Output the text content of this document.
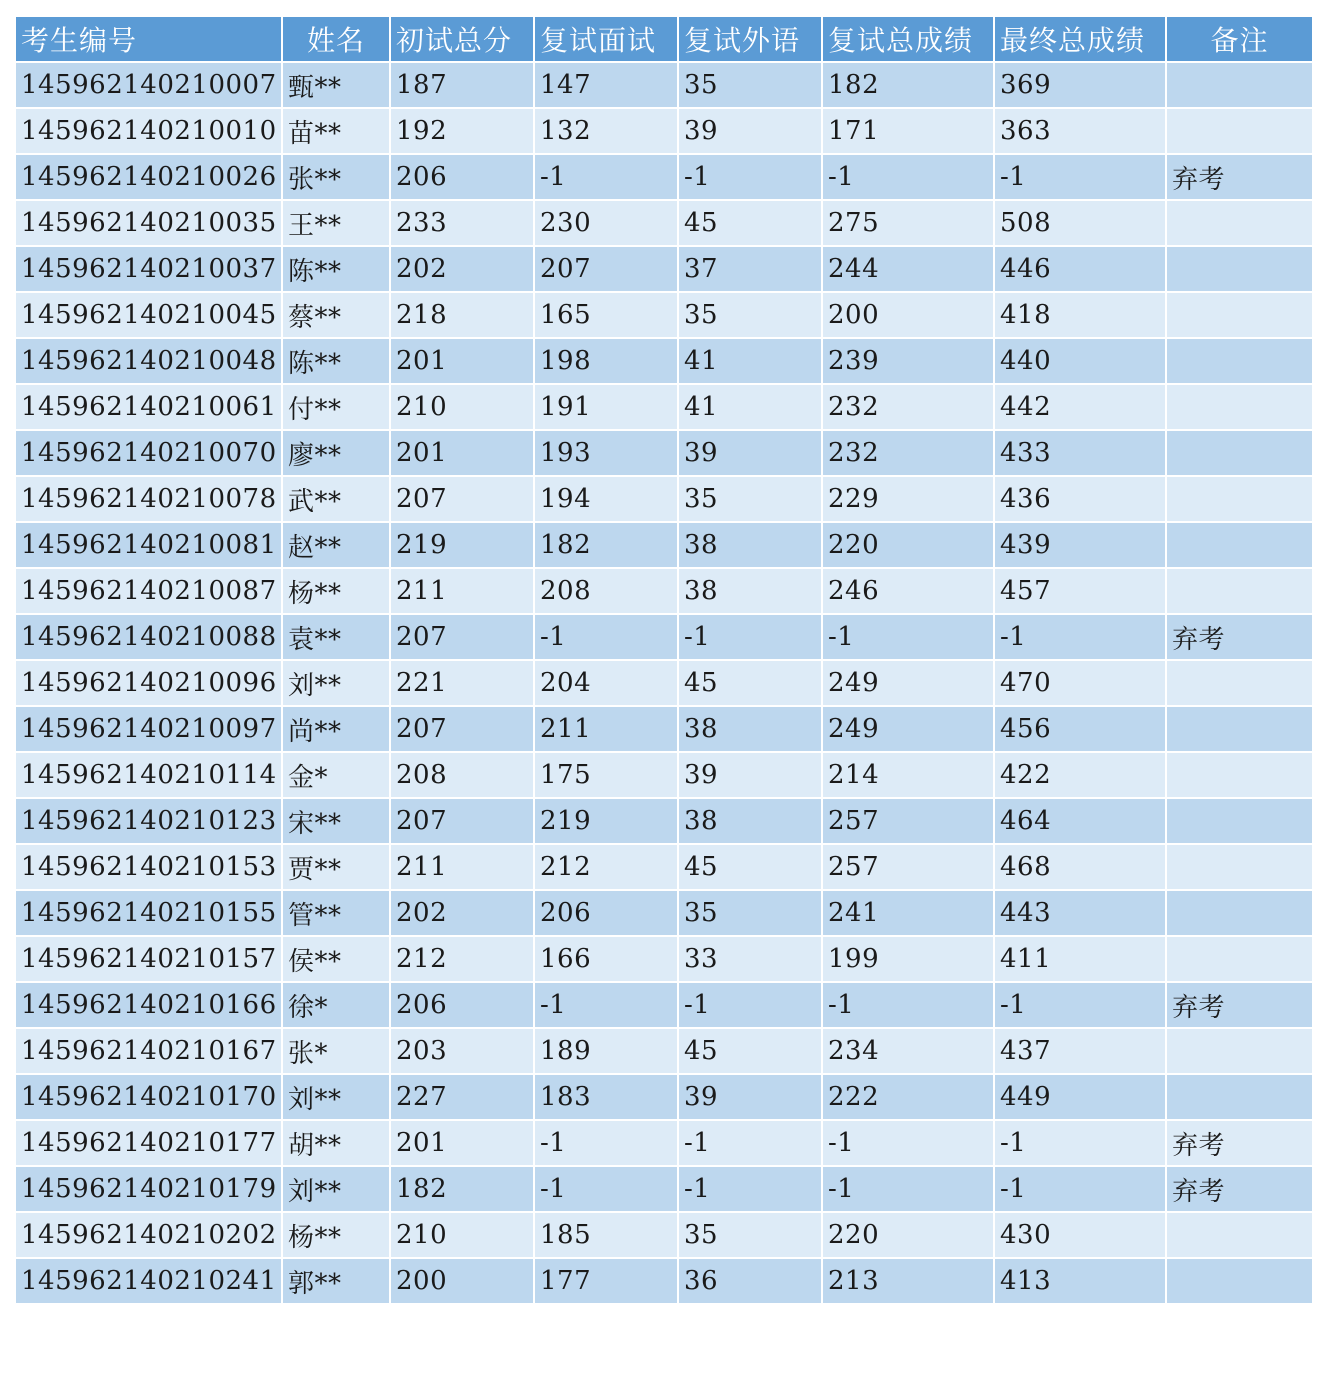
考生编号	姓名	初试总分	复试面试	复试外语	复试总成绩	最终总成绩	备注
145962140210007	甄**	187	147	35	182	369	
145962140210010	苗**	192	132	39	171	363	
145962140210026	张**	206	-1	-1	-1	-1	弃考
145962140210035	王**	233	230	45	275	508	
145962140210037	陈**	202	207	37	244	446	
145962140210045	蔡**	218	165	35	200	418	
145962140210048	陈**	201	198	41	239	440	
145962140210061	付**	210	191	41	232	442	
145962140210070	廖**	201	193	39	232	433	
145962140210078	武**	207	194	35	229	436	
145962140210081	赵**	219	182	38	220	439	
145962140210087	杨**	211	208	38	246	457	
145962140210088	袁**	207	-1	-1	-1	-1	弃考
145962140210096	刘**	221	204	45	249	470	
145962140210097	尚**	207	211	38	249	456	
145962140210114	金*	208	175	39	214	422	
145962140210123	宋**	207	219	38	257	464	
145962140210153	贾**	211	212	45	257	468	
145962140210155	管**	202	206	35	241	443	
145962140210157	侯**	212	166	33	199	411	
145962140210166	徐*	206	-1	-1	-1	-1	弃考
145962140210167	张*	203	189	45	234	437	
145962140210170	刘**	227	183	39	222	449	
145962140210177	胡**	201	-1	-1	-1	-1	弃考
145962140210179	刘**	182	-1	-1	-1	-1	弃考
145962140210202	杨**	210	185	35	220	430	
145962140210241	郭**	200	177	36	213	413	
